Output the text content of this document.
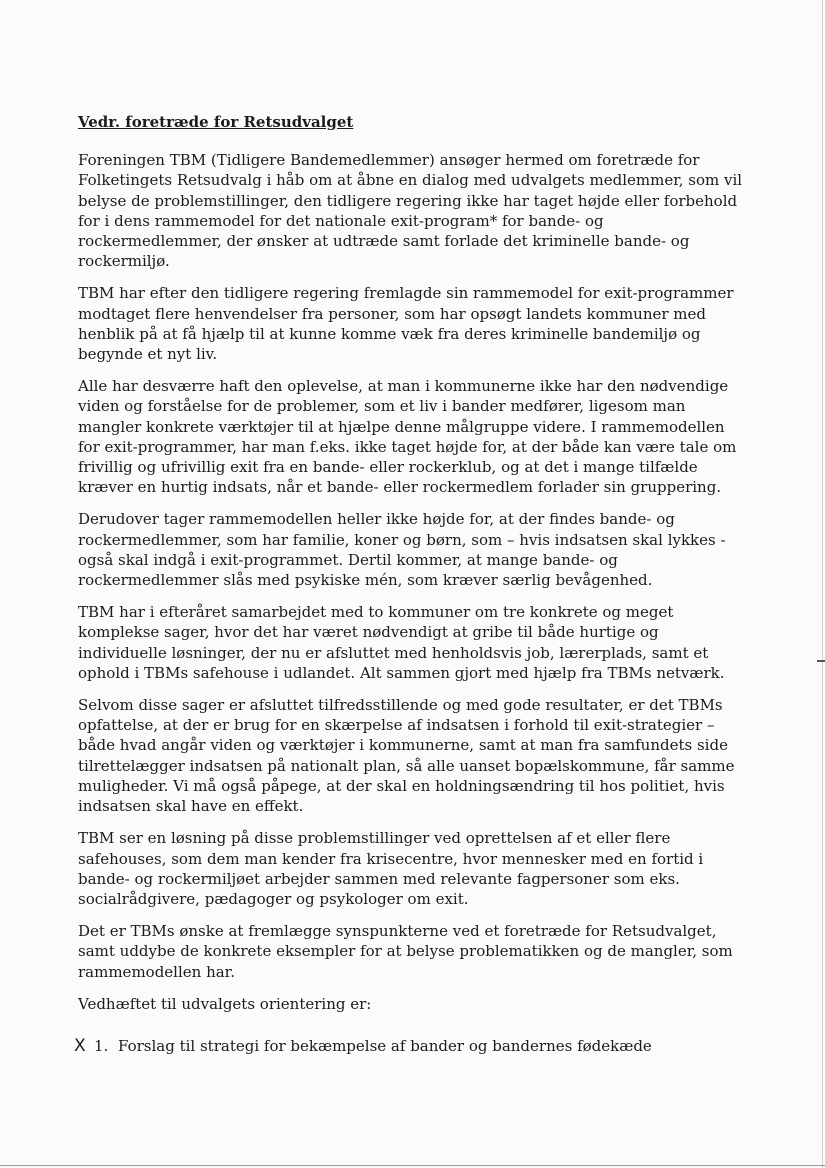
Vedr. foretræde for Retsudvalget

Foreningen TBM (Tidligere Bandemedlemmer) ansøger hermed om foretræde for Folketingets Retsudvalg i håb om at åbne en dialog med udvalgets medlemmer, som vil belyse de problemstillinger, den tidligere regering ikke har taget højde eller forbehold for i dens rammemodel for det nationale exit-program* for bande- og rockermedlemmer, der ønsker at udtræde samt forlade det kriminelle bande- og rockermiljø.

TBM har efter den tidligere regering fremlagde sin rammemodel for exit-programmer modtaget flere henvendelser fra personer, som har opsøgt landets kommuner med henblik på at få hjælp til at kunne komme væk fra deres kriminelle bandemiljø og begynde et nyt liv.

Alle har desværre haft den oplevelse, at man i kommunerne ikke har den nødvendige viden og forståelse for de problemer, som et liv i bander medfører, ligesom man mangler konkrete værktøjer til at hjælpe denne målgruppe videre. I rammemodellen for exit-programmer, har man f.eks. ikke taget højde for, at der både kan være tale om frivillig og ufrivillig exit fra en bande- eller rockerklub, og at det i mange tilfælde kræver en hurtig indsats, når et bande- eller rockermedlem forlader sin gruppering.

Derudover tager rammemodellen heller ikke højde for, at der findes bande- og rockermedlemmer, som har familie, koner og børn, som – hvis indsatsen skal lykkes - også skal indgå i exit-programmet. Dertil kommer, at mange bande- og rockermedlemmer slås med psykiske mén, som kræver særlig bevågenhed.

TBM har i efteråret samarbejdet med to kommuner om tre konkrete og meget komplekse sager, hvor det har været nødvendigt at gribe til både hurtige og individuelle løsninger, der nu er afsluttet med henholdsvis job, lærerplads, samt et ophold i TBMs safehouse i udlandet. Alt sammen gjort med hjælp fra TBMs netværk.

Selvom disse sager er afsluttet tilfredsstillende og med gode resultater, er det TBMs opfattelse, at der er brug for en skærpelse af indsatsen i forhold til exit-strategier – både hvad angår viden og værktøjer i kommunerne, samt at man fra samfundets side tilrettelægger indsatsen på nationalt plan, så alle uanset bopælskommune, får samme muligheder. Vi må også påpege, at der skal en holdningsændring til hos politiet, hvis indsatsen skal have en effekt.

TBM ser en løsning på disse problemstillinger ved oprettelsen af et eller flere safehouses, som dem man kender fra krisecentre, hvor mennesker med en fortid i bande- og rockermiljøet arbejder sammen med relevante fagpersoner som eks. socialrådgivere, pædagoger og psykologer om exit.

Det er TBMs ønske at fremlægge synspunkterne ved et foretræde for Retsudvalget, samt uddybe de konkrete eksempler for at belyse problematikken og de mangler, som rammemodellen har.

Vedhæftet til udvalgets orientering er:

X 1. Forslag til strategi for bekæmpelse af bander og bandernes fødekæde
